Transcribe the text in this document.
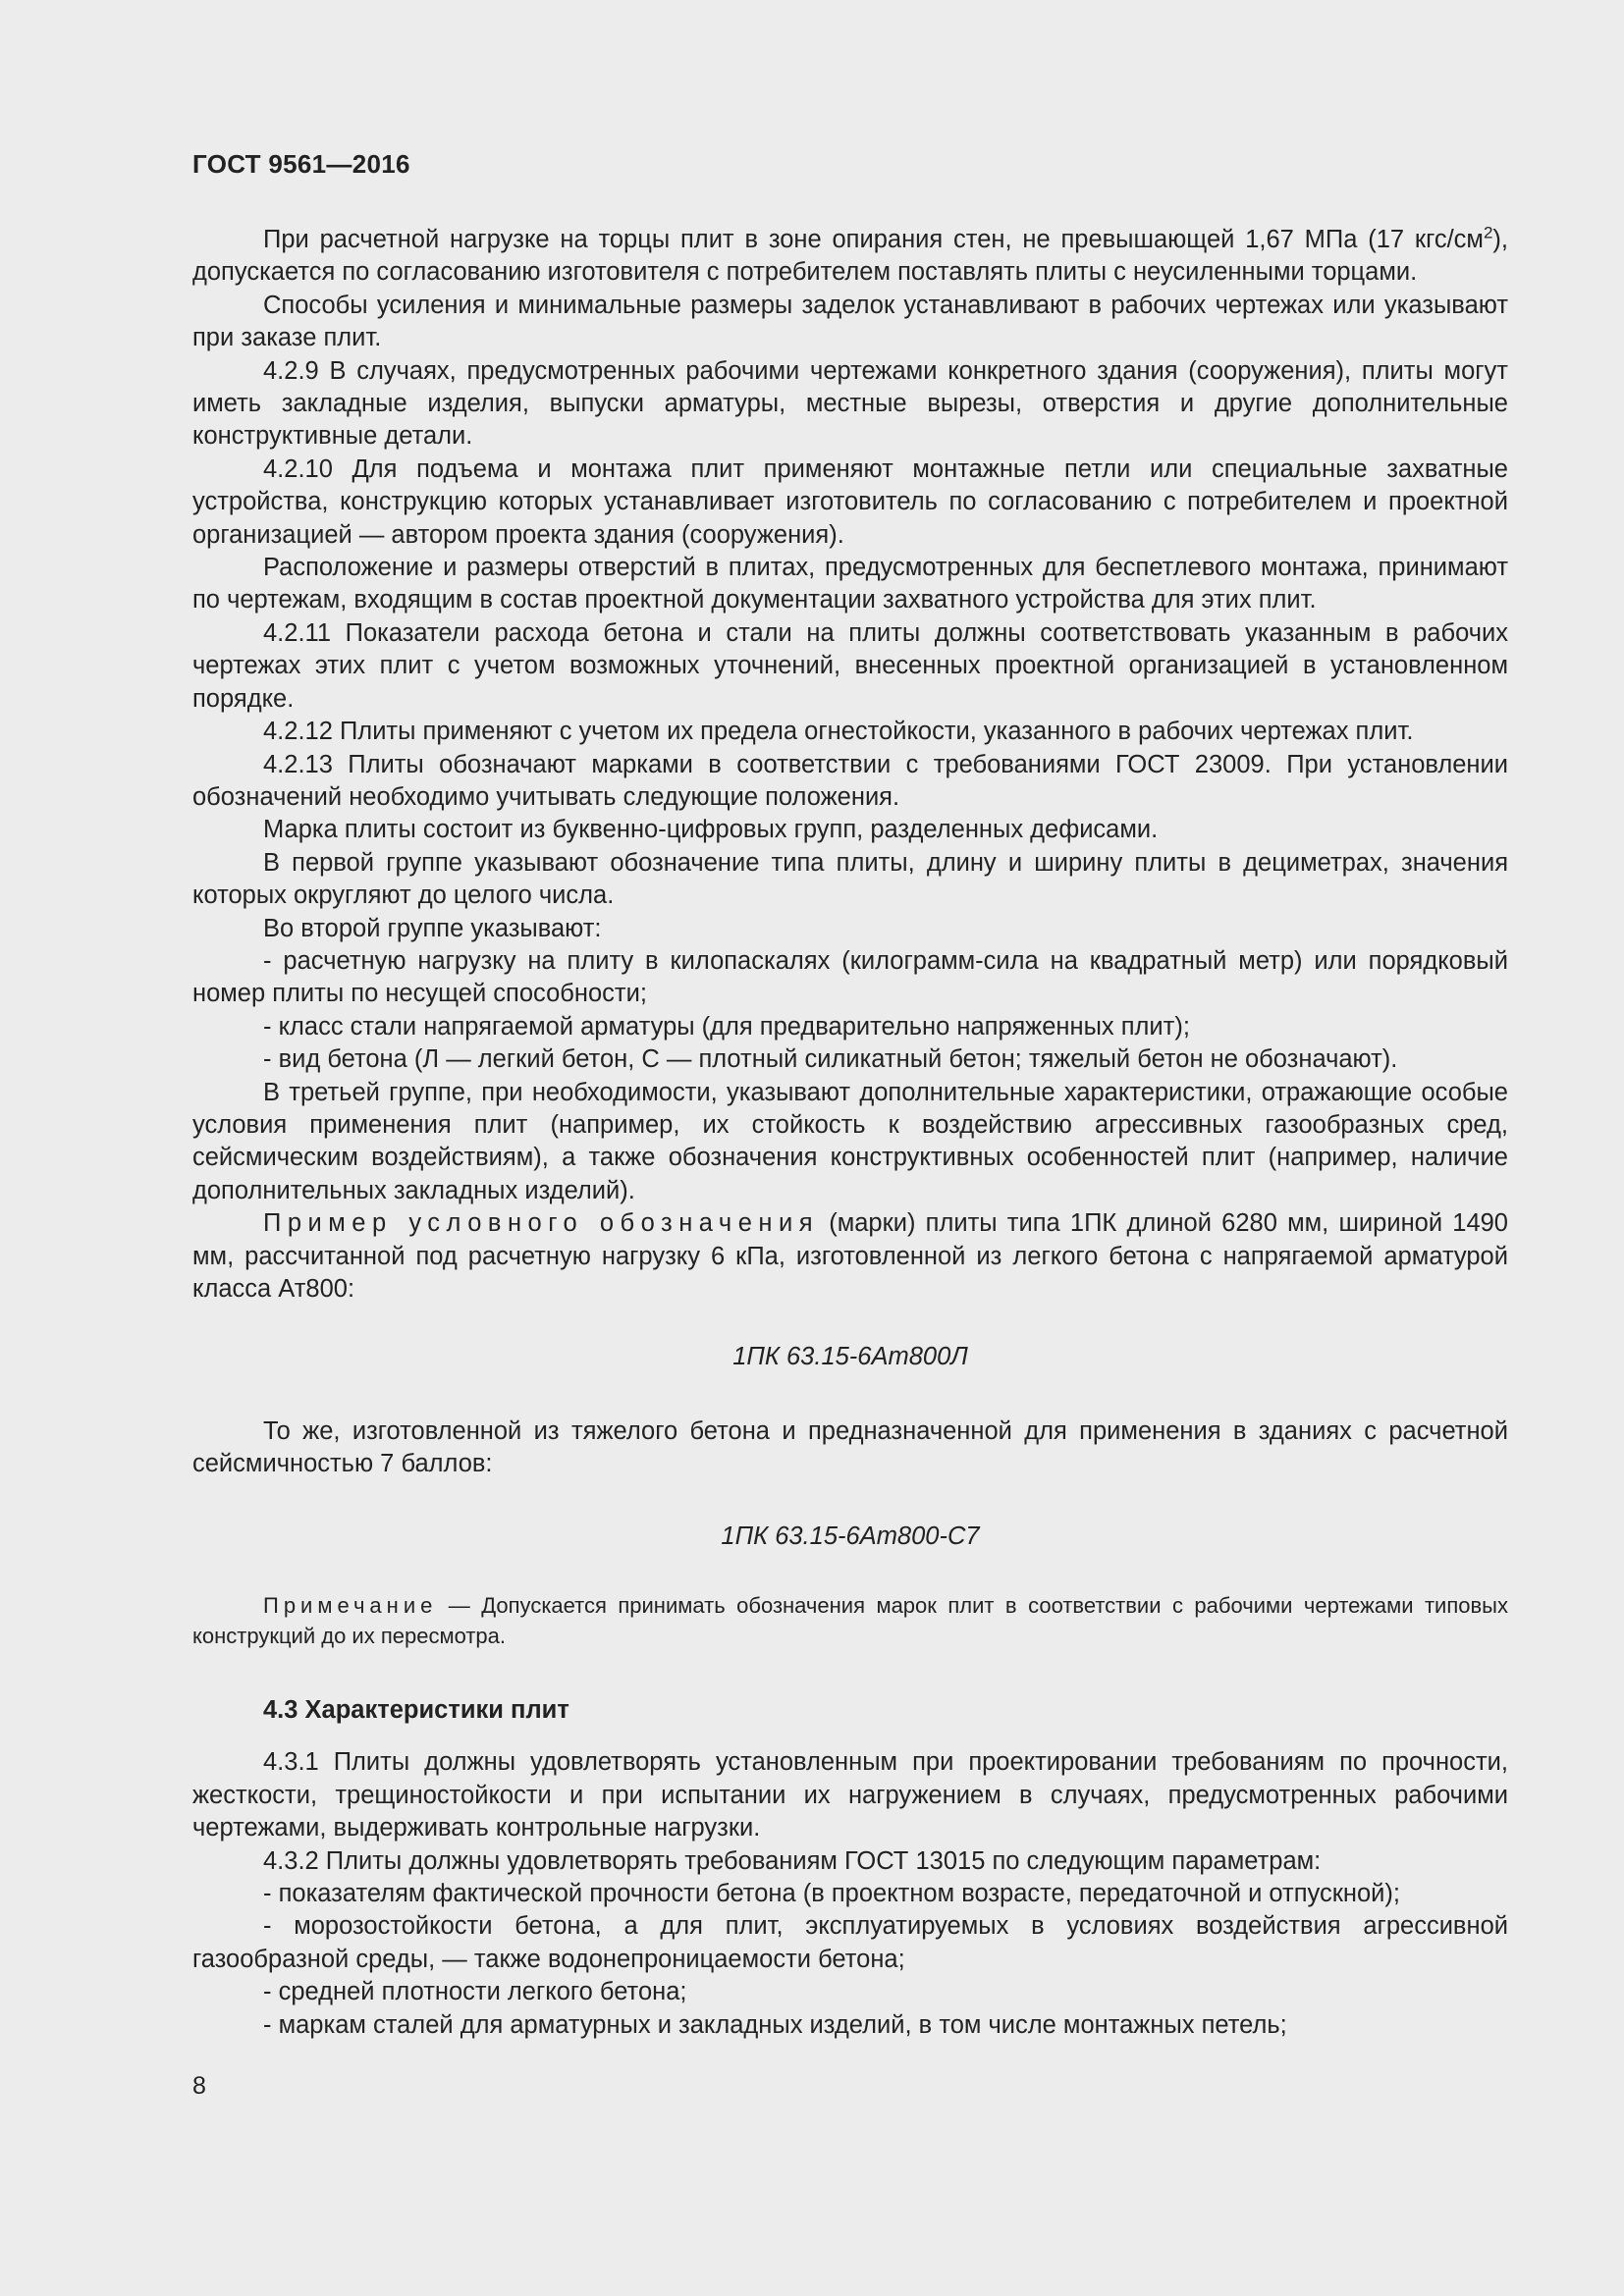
ГОСТ 9561—2016

При расчетной нагрузке на торцы плит в зоне опирания стен, не превышающей 1,67 МПа (17 кгс/$см^2$), допускается по согласованию изготовителя с потребителем поставлять плиты с неусиленными торцами.

Способы усиления и минимальные размеры заделок устанавливают в рабочих чертежах или указывают при заказе плит.

4.2.9 В случаях, предусмотренных рабочими чертежами конкретного здания (сооружения), плиты могут иметь закладные изделия, выпуски арматуры, местные вырезы, отверстия и другие дополнительные конструктивные детали.

4.2.10 Для подъема и монтажа плит применяют монтажные петли или специальные захватные устройства, конструкцию которых устанавливает изготовитель по согласованию с потребителем и проектной организацией — автором проекта здания (сооружения).

Расположение и размеры отверстий в плитах, предусмотренных для беспетлевого монтажа, принимают по чертежам, входящим в состав проектной документации захватного устройства для этих плит.

4.2.11 Показатели расхода бетона и стали на плиты должны соответствовать указанным в рабочих чертежах этих плит с учетом возможных уточнений, внесенных проектной организацией в установленном порядке.

4.2.12 Плиты применяют с учетом их предела огнестойкости, указанного в рабочих чертежах плит.

4.2.13 Плиты обозначают марками в соответствии с требованиями ГОСТ 23009. При установлении обозначений необходимо учитывать следующие положения.

Марка плиты состоит из буквенно-цифровых групп, разделенных дефисами.

В первой группе указывают обозначение типа плиты, длину и ширину плиты в дециметрах, значения которых округляют до целого числа.

Во второй группе указывают:

- расчетную нагрузку на плиту в килопаскалях (килограмм-сила на квадратный метр) или порядковый номер плиты по несущей способности;

- класс стали напрягаемой арматуры (для предварительно напряженных плит);

- вид бетона (Л — легкий бетон, С — плотный силикатный бетон; тяжелый бетон не обозначают).

В третьей группе, при необходимости, указывают дополнительные характеристики, отражающие особые условия применения плит (например, их стойкость к воздействию агрессивных газообразных сред, сейсмическим воздействиям), а также обозначения конструктивных особенностей плит (например, наличие дополнительных закладных изделий).

Пример условного обозначения (марки) плиты типа 1ПК длиной 6280 мм, шириной 1490 мм, рассчитанной под расчетную нагрузку 6 кПа, изготовленной из легкого бетона с напрягаемой арматурой класса Ат800:

1ПК 63.15-6Ат800Л

То же, изготовленной из тяжелого бетона и предназначенной для применения в зданиях с расчетной сейсмичностью 7 баллов:

1ПК 63.15-6Ат800-С7

Примечание — Допускается принимать обозначения марок плит в соответствии с рабочими чертежами типовых конструкций до их пересмотра.

4.3 Характеристики плит

4.3.1 Плиты должны удовлетворять установленным при проектировании требованиям по прочности, жесткости, трещиностойкости и при испытании их нагружением в случаях, предусмотренных рабочими чертежами, выдерживать контрольные нагрузки.

4.3.2 Плиты должны удовлетворять требованиям ГОСТ 13015 по следующим параметрам:

- показателям фактической прочности бетона (в проектном возрасте, передаточной и отпускной);

- морозостойкости бетона, а для плит, эксплуатируемых в условиях воздействия агрессивной газообразной среды, — также водонепроницаемости бетона;

- средней плотности легкого бетона;

- маркам сталей для арматурных и закладных изделий, в том числе монтажных петель;

8
